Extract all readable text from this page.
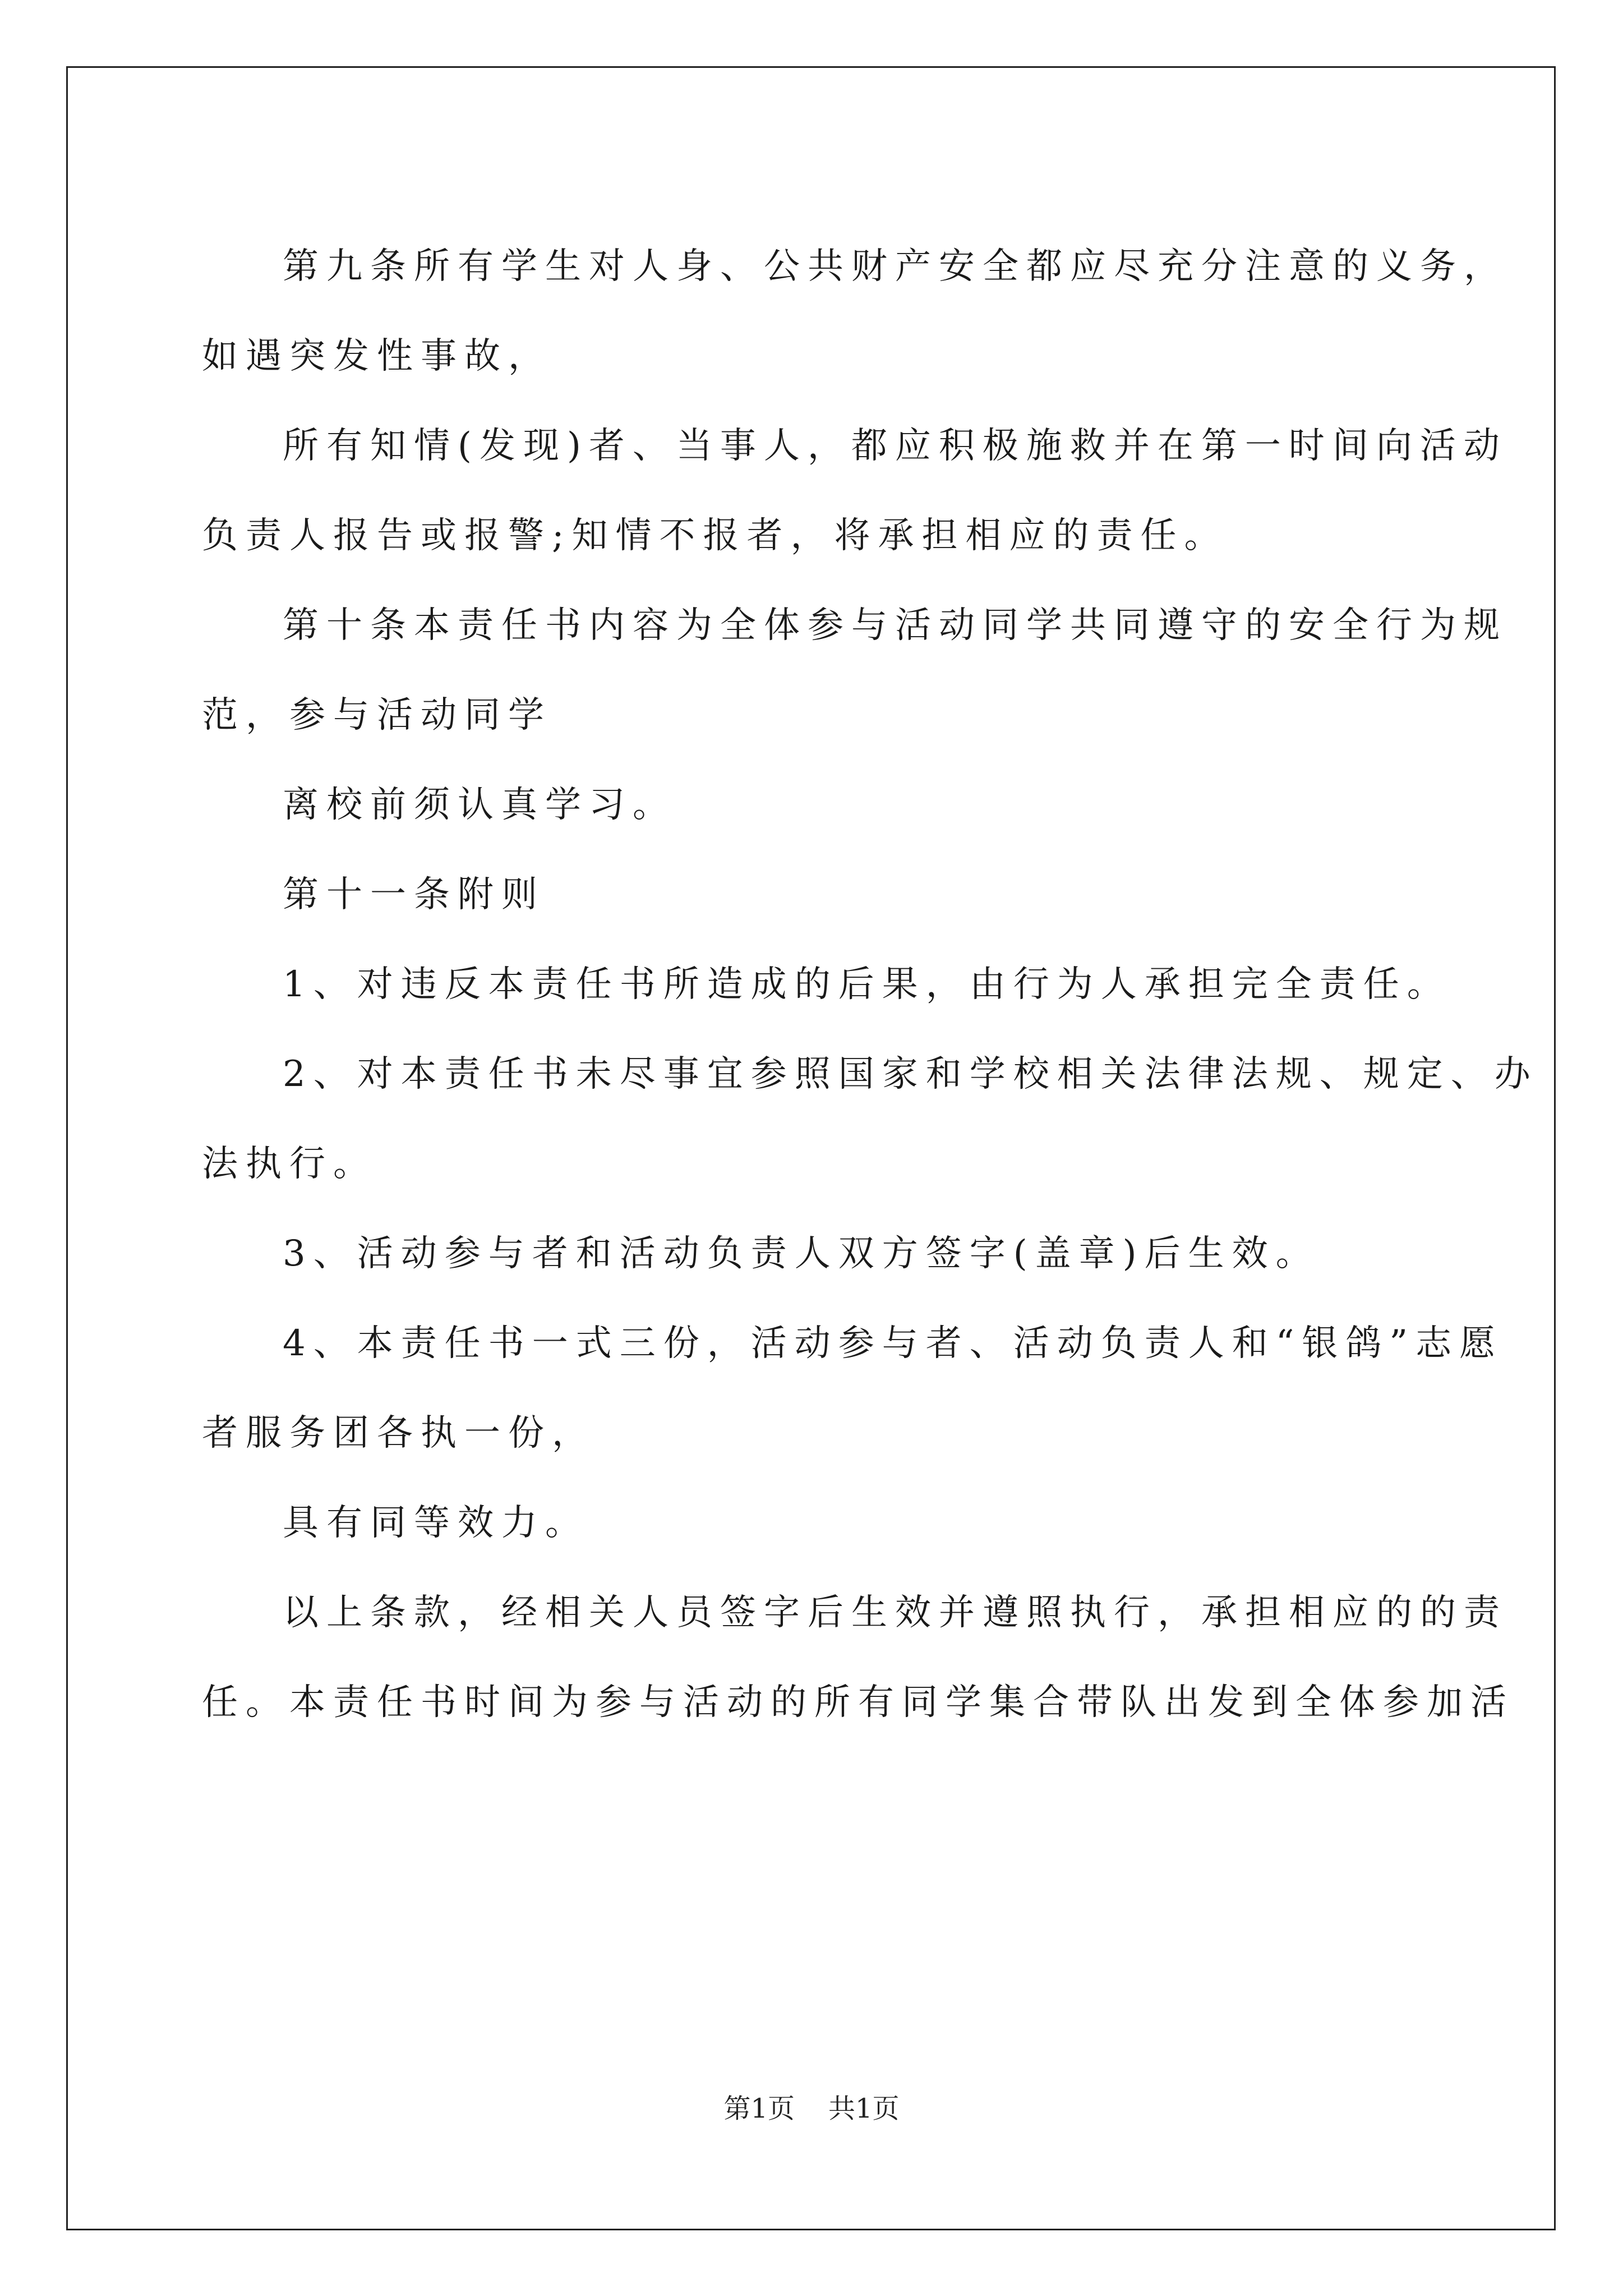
第九条所有学生对人身、公共财产安全都应尽充分注意的义务，

如遇突发性事故，

所有知情(发现)者、当事人，都应积极施救并在第一时间向活动

负责人报告或报警;知情不报者，将承担相应的责任。

第十条本责任书内容为全体参与活动同学共同遵守的安全行为规

范，参与活动同学

离校前须认真学习。

第十一条附则

1、对违反本责任书所造成的后果，由行为人承担完全责任。

2、对本责任书未尽事宜参照国家和学校相关法律法规、规定、办

法执行。

3、活动参与者和活动负责人双方签字(盖章)后生效。

4、本责任书一式三份，活动参与者、活动负责人和“银鸽”志愿

者服务团各执一份，

具有同等效力。

以上条款，经相关人员签字后生效并遵照执行，承担相应的的责

任。本责任书时间为参与活动的所有同学集合带队出发到全体参加活

第1页 共1页
